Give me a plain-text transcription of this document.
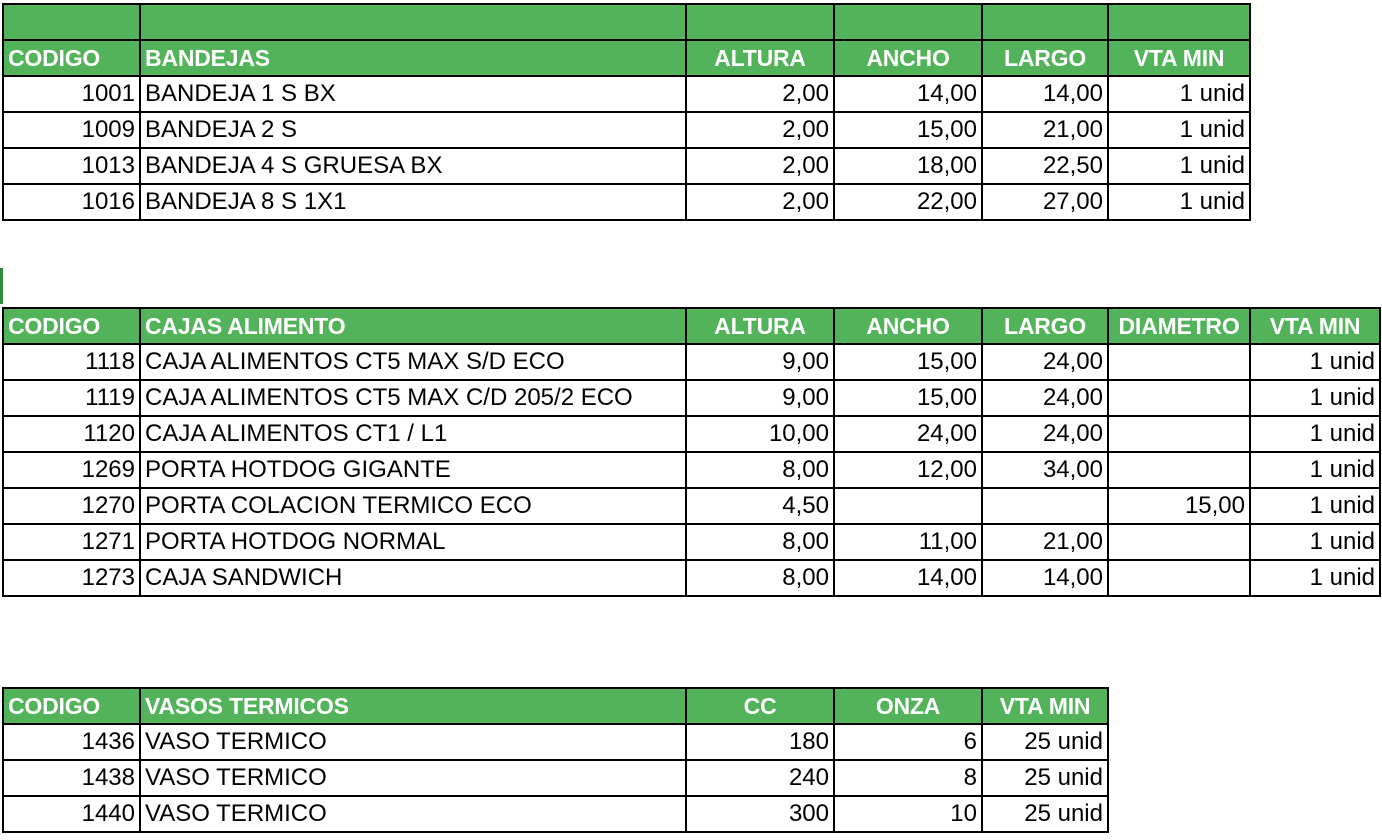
CODIGO	BANDEJAS	ALTURA	ANCHO	LARGO	VTA MIN
1001	BANDEJA 1 S BX	2,00	14,00	14,00	1 unid
1009	BANDEJA 2 S	2,00	15,00	21,00	1 unid
1013	BANDEJA 4 S GRUESA BX	2,00	18,00	22,50	1 unid
1016	BANDEJA 8 S 1X1	2,00	22,00	27,00	1 unid
CODIGO	CAJAS ALIMENTO	ALTURA	ANCHO	LARGO	DIAMETRO	VTA MIN
1118	CAJA ALIMENTOS CT5 MAX S/D ECO	9,00	15,00	24,00		1 unid
1119	CAJA ALIMENTOS CT5 MAX C/D 205/2 ECO	9,00	15,00	24,00		1 unid
1120	CAJA ALIMENTOS CT1 / L1	10,00	24,00	24,00		1 unid
1269	PORTA HOTDOG GIGANTE	8,00	12,00	34,00		1 unid
1270	PORTA COLACION TERMICO ECO	4,50			15,00	1 unid
1271	PORTA HOTDOG NORMAL	8,00	11,00	21,00		1 unid
1273	CAJA SANDWICH	8,00	14,00	14,00		1 unid
CODIGO	VASOS TERMICOS	CC	ONZA	VTA MIN
1436	VASO TERMICO	180	6	25 unid
1438	VASO TERMICO	240	8	25 unid
1440	VASO TERMICO	300	10	25 unid
